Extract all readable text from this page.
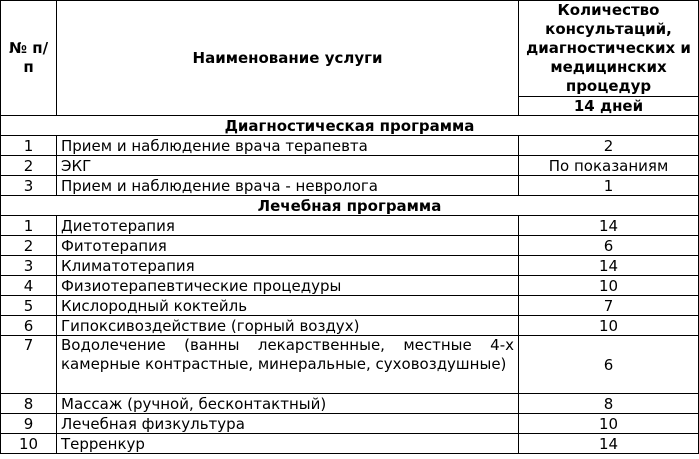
№ п/п	Наименование услуги	Количество консультаций, диагностических и медицинских процедур
		14 дней
Диагностическая программа		
1	Прием и наблюдение врача терапевта	2
2	ЭКГ	По показаниям
3	Прием и наблюдение врача - невролога	1
Лечебная программа		
1	Диетотерапия	14
2	Фитотерапия	6
3	Климатотерапия	14
4	Физиотерапевтические процедуры	10
5	Кислородный коктейль	7
6	Гипоксивоздействие (горный воздух)	10
7	Водолечение (ванны лекарственные, местные 4-х камерные контрастные, минеральные, суховоздушные)	6
8	Массаж (ручной, бесконтактный)	8
9	Лечебная физкультура	10
10	Терренкур	14
